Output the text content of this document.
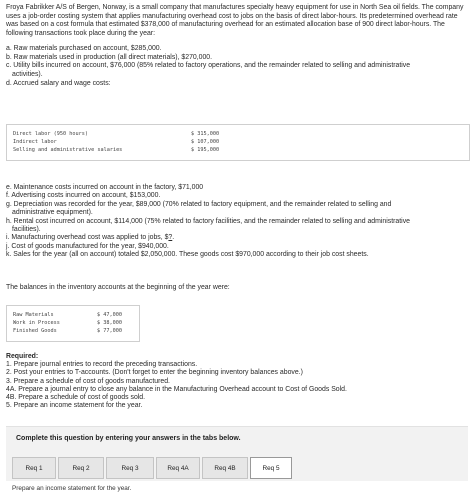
Froya Fabrikker A/S of Bergen, Norway, is a small company that manufactures specialty heavy equipment for use in North Sea oil fields. The company uses a job-order costing system that applies manufacturing overhead cost to jobs on the basis of direct labor-hours. Its predetermined overhead rate was based on a cost formula that estimated $378,000 of manufacturing overhead for an estimated allocation base of 900 direct labor-hours. The following transactions took place during the year:

a. Raw materials purchased on account, $285,000.
b. Raw materials used in production (all direct materials), $270,000.
c. Utility bills incurred on account, $76,000 (85% related to factory operations, and the remainder related to selling and administrative
activities).
d. Accrued salary and wage costs:
Direct labor (950 hours)	$ 315,000
Indirect labor	$ 107,000
Selling and administrative salaries	$ 195,000
e. Maintenance costs incurred on account in the factory, $71,000
f. Advertising costs incurred on account, $153,000.
g. Depreciation was recorded for the year, $89,000 (70% related to factory equipment, and the remainder related to selling and
administrative equipment).
h. Rental cost incurred on account, $114,000 (75% related to factory facilities, and the remainder related to selling and administrative
facilities).
i. Manufacturing overhead cost was applied to jobs, $?.
j. Cost of goods manufactured for the year, $940,000.
k. Sales for the year (all on account) totaled $2,050,000. These goods cost $970,000 according to their job cost sheets.
The balances in the inventory accounts at the beginning of the year were:
Raw Materials	$ 47,000
Work in Process	$ 38,000
Finished Goods	$ 77,000
Required:
1. Prepare journal entries to record the preceding transactions.
2. Post your entries to T-accounts. (Don't forget to enter the beginning inventory balances above.)
3. Prepare a schedule of cost of goods manufactured.
4A. Prepare a journal entry to close any balance in the Manufacturing Overhead account to Cost of Goods Sold.
4B. Prepare a schedule of cost of goods sold.
5. Prepare an income statement for the year.
Complete this question by entering your answers in the tabs below.
Req 1	Req 2	Req 3	Req 4A	Req 4B	Req 5
Prepare an income statement for the year.
